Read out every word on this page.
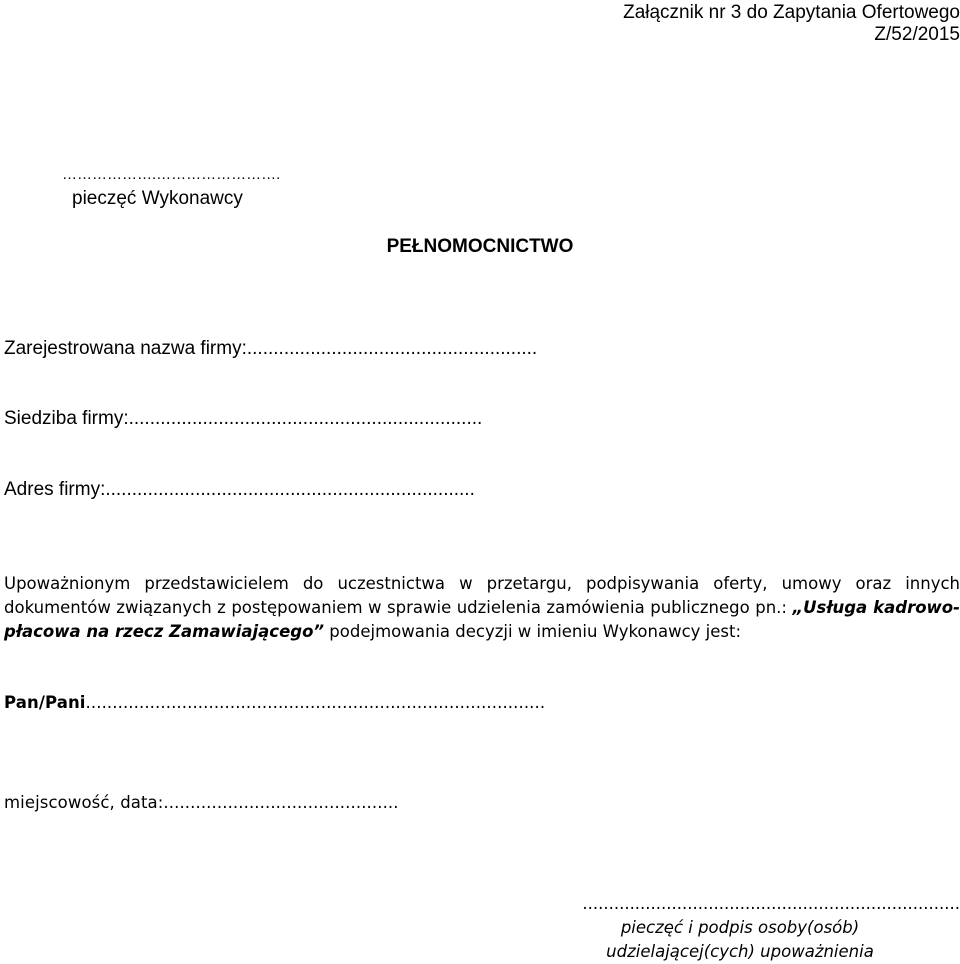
Załącznik nr 3 do Zapytania Ofertowego
Z/52/2015
……………….…………………….
pieczęć Wykonawcy
PEŁNOMOCNICTWO
Zarejestrowana nazwa firmy:.......................................................
Siedziba firmy:...................................................................
Adres firmy:......................................................................

Upoważnionym przedstawicielem do uczestnictwa w przetargu, podpisywania oferty, umowy oraz innych dokumentów związanych z postępowaniem w sprawie udzielenia zamówienia publicznego pn.: „Usługa kadrowo-płacowa na rzecz Zamawiającego” podejmowania decyzji w imieniu Wykonawcy jest:

Pan/Pani......................................................................................
miejscowość, data:............................................
........................................................................
pieczęć i podpis osoby(osób)
udzielającej(cych) upoważnienia
